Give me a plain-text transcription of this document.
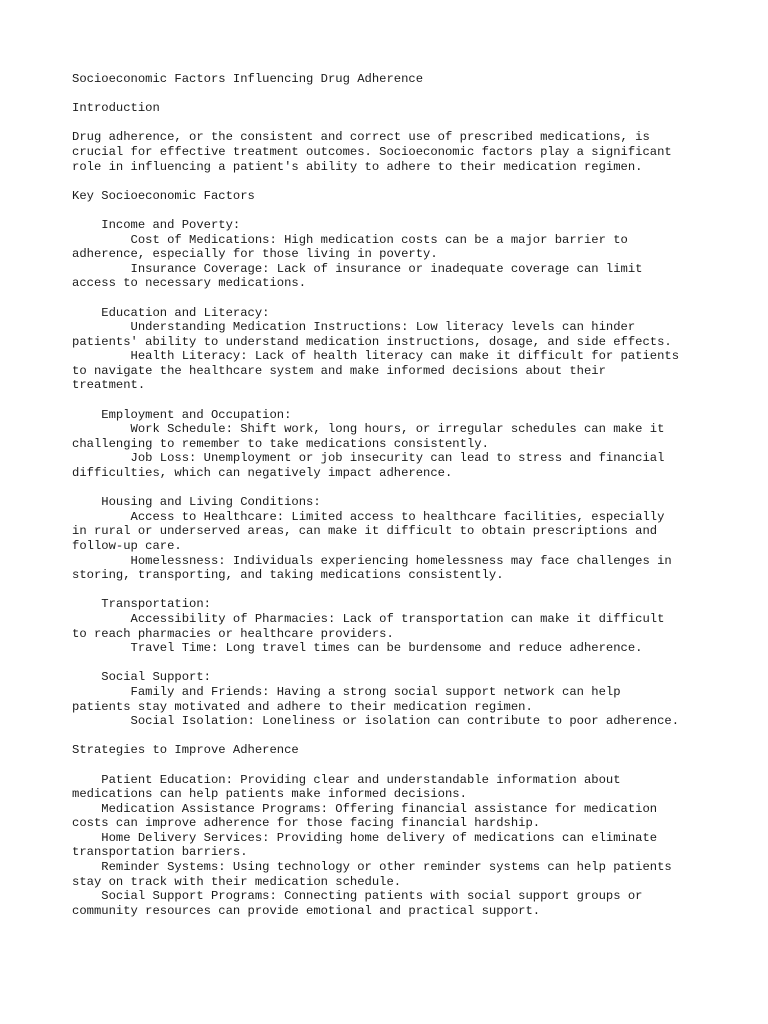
Socioeconomic Factors Influencing Drug Adherence
Introduction
Drug adherence, or the consistent and correct use of prescribed medications, is
crucial for effective treatment outcomes. Socioeconomic factors play a significant
role in influencing a patient's ability to adhere to their medication regimen.
Key Socioeconomic Factors
Income and Poverty:
Cost of Medications: High medication costs can be a major barrier to
adherence, especially for those living in poverty.
Insurance Coverage: Lack of insurance or inadequate coverage can limit
access to necessary medications.
Education and Literacy:
Understanding Medication Instructions: Low literacy levels can hinder
patients' ability to understand medication instructions, dosage, and side effects.
Health Literacy: Lack of health literacy can make it difficult for patients
to navigate the healthcare system and make informed decisions about their
treatment.
Employment and Occupation:
Work Schedule: Shift work, long hours, or irregular schedules can make it
challenging to remember to take medications consistently.
Job Loss: Unemployment or job insecurity can lead to stress and financial
difficulties, which can negatively impact adherence.
Housing and Living Conditions:
Access to Healthcare: Limited access to healthcare facilities, especially
in rural or underserved areas, can make it difficult to obtain prescriptions and
follow-up care.
Homelessness: Individuals experiencing homelessness may face challenges in
storing, transporting, and taking medications consistently.
Transportation:
Accessibility of Pharmacies: Lack of transportation can make it difficult
to reach pharmacies or healthcare providers.
Travel Time: Long travel times can be burdensome and reduce adherence.
Social Support:
Family and Friends: Having a strong social support network can help
patients stay motivated and adhere to their medication regimen.
Social Isolation: Loneliness or isolation can contribute to poor adherence.
Strategies to Improve Adherence
Patient Education: Providing clear and understandable information about
medications can help patients make informed decisions.
Medication Assistance Programs: Offering financial assistance for medication
costs can improve adherence for those facing financial hardship.
Home Delivery Services: Providing home delivery of medications can eliminate
transportation barriers.
Reminder Systems: Using technology or other reminder systems can help patients
stay on track with their medication schedule.
Social Support Programs: Connecting patients with social support groups or
community resources can provide emotional and practical support.
